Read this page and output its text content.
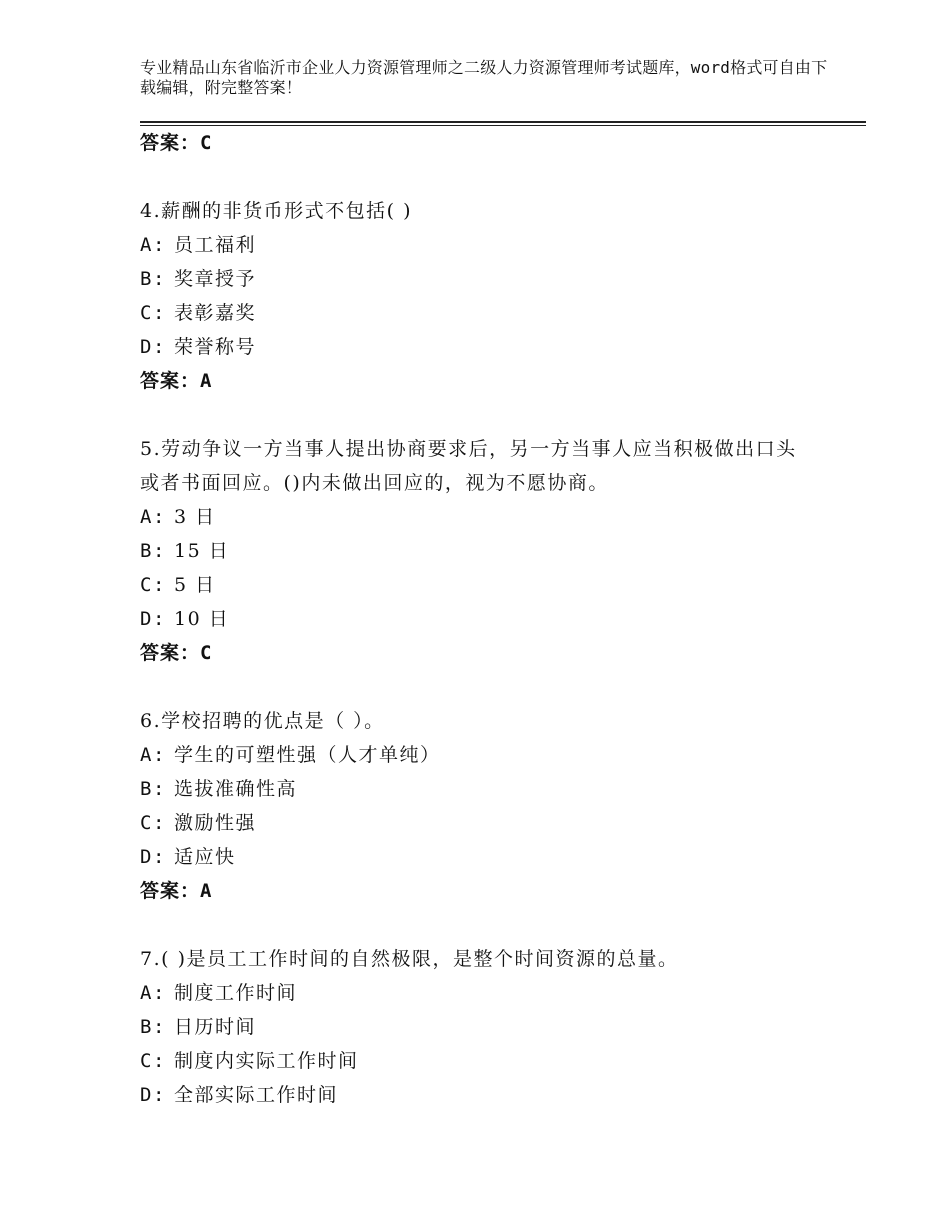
专业精品山东省临沂市企业人力资源管理师之二级人力资源管理师考试题库，word格式可自由下载编辑，附完整答案！
答案：C
4.薪酬的非货币形式不包括( )
A: 员工福利
B: 奖章授予
C: 表彰嘉奖
D: 荣誉称号
答案：A
5.劳动争议一方当事人提出协商要求后，另一方当事人应当积极做出口头或者书面回应。()内未做出回应的，视为不愿协商。
A: 3 日
B: 15 日
C: 5 日
D: 10 日
答案：C
6.学校招聘的优点是（ ）。
A: 学生的可塑性强（人才单纯）
B: 选拔准确性高
C: 激励性强
D: 适应快
答案：A
7.( )是员工工作时间的自然极限，是整个时间资源的总量。
A: 制度工作时间
B: 日历时间
C: 制度内实际工作时间
D: 全部实际工作时间
